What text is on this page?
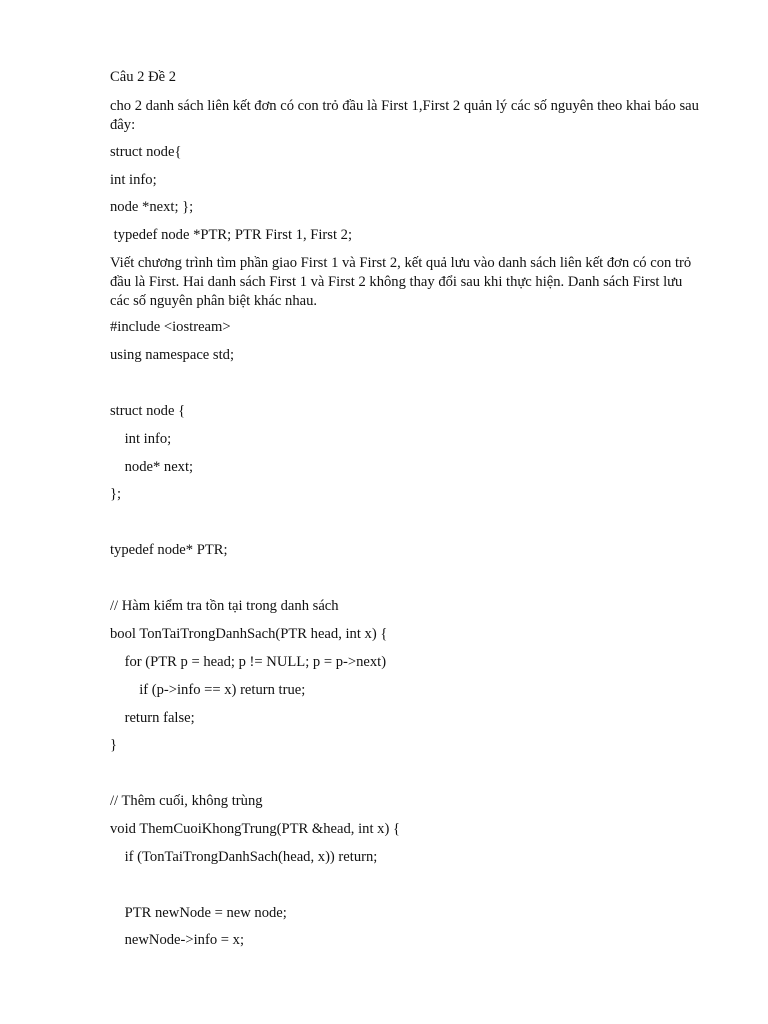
Câu 2 Đề 2

cho 2 danh sách liên kết đơn có con trỏ đầu là First 1,First 2 quản lý các số nguyên theo khai báo sau đây:

struct node{

int info;

node *next; };

typedef node *PTR; PTR First 1, First 2;

Viết chương trình tìm phần giao First 1 và First 2, kết quả lưu vào danh sách liên kết đơn có con trỏ đầu là First. Hai danh sách First 1 và First 2 không thay đổi sau khi thực hiện. Danh sách First lưu các số nguyên phân biệt khác nhau.

#include <iostream>

using namespace std;

struct node {

int info;

node* next;

};

typedef node* PTR;

// Hàm kiểm tra tồn tại trong danh sách

bool TonTaiTrongDanhSach(PTR head, int x) {

for (PTR p = head; p != NULL; p = p->next)

if (p->info == x) return true;

return false;

}

// Thêm cuối, không trùng

void ThemCuoiKhongTrung(PTR &head, int x) {

if (TonTaiTrongDanhSach(head, x)) return;

PTR newNode = new node;

newNode->info = x;
